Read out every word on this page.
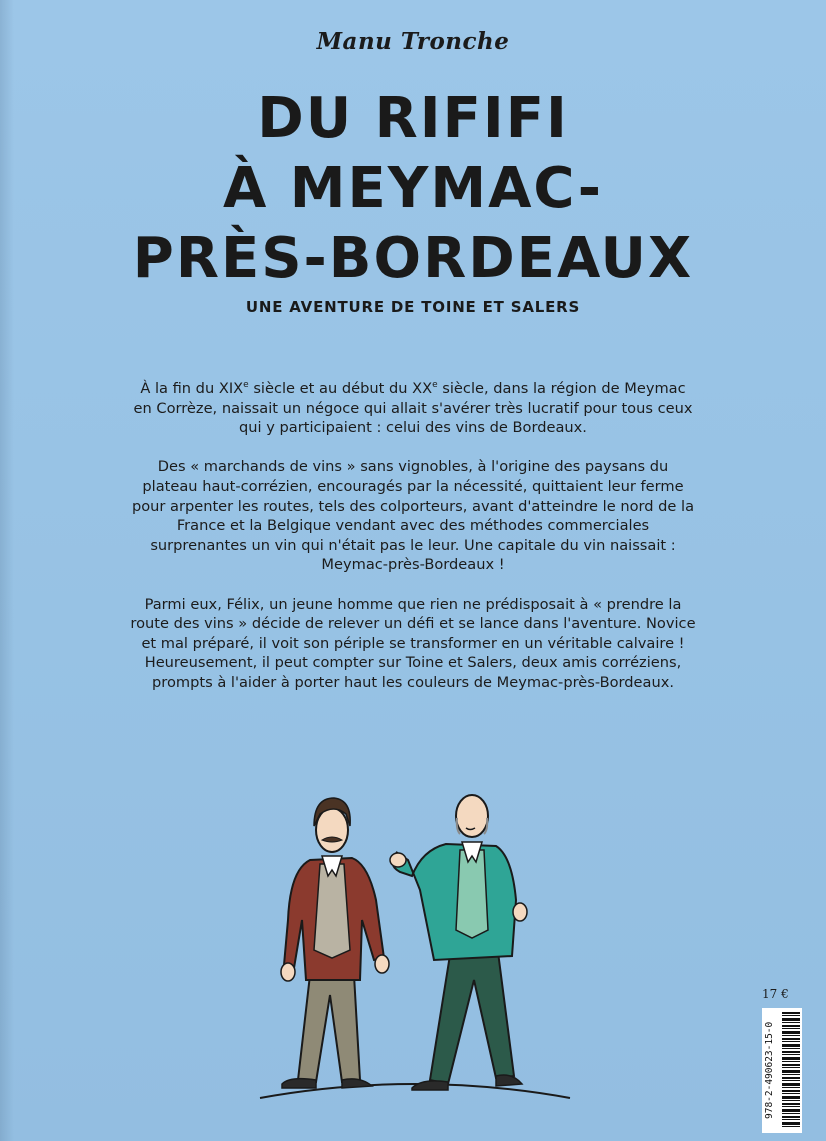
Manu Tronche
DU RIFIFI
À MEYMAC-
PRÈS-BORDEAUX
UNE AVENTURE DE TOINE ET SALERS

À la fin du XIXe siècle et au début du XXe siècle, dans la région de Meymac en Corrèze, naissait un négoce qui allait s'avérer très lucratif pour tous ceux qui y participaient : celui des vins de Bordeaux.

Des « marchands de vins » sans vignobles, à l'origine des paysans du plateau haut-corrézien, encouragés par la nécessité, quittaient leur ferme pour arpenter les routes, tels des colporteurs, avant d'atteindre le nord de la France et la Belgique vendant avec des méthodes commerciales surprenantes un vin qui n'était pas le leur. Une capitale du vin naissait : Meymac-près-Bordeaux !

Parmi eux, Félix, un jeune homme que rien ne prédisposait à « prendre la route des vins » décide de relever un défi et se lance dans l'aventure. Novice et mal préparé, il voit son périple se transformer en un véritable calvaire ! Heureusement, il peut compter sur Toine et Salers, deux amis corréziens, prompts à l'aider à porter haut les couleurs de Meymac-près-Bordeaux.

17 €
978-2-490623-15-0
